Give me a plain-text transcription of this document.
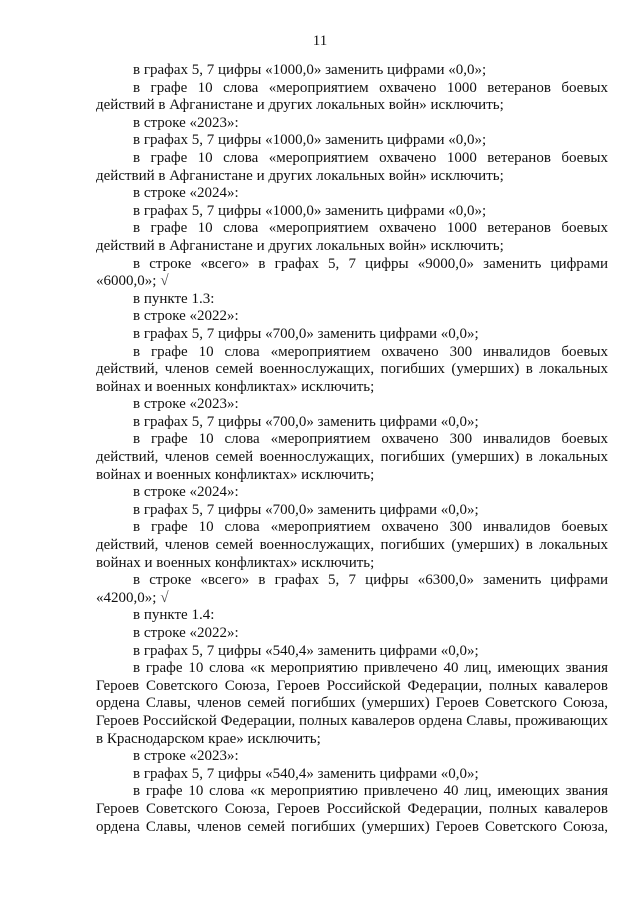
11
в графах 5, 7 цифры «1000,0» заменить цифрами «0,0»;
в графе 10 слова «мероприятием охвачено 1000 ветеранов боевых
действий в Афганистане и других локальных войн» исключить;
в строке «2023»:
в графах 5, 7 цифры «1000,0» заменить цифрами «0,0»;
в графе 10 слова «мероприятием охвачено 1000 ветеранов боевых
действий в Афганистане и других локальных войн» исключить;
в строке «2024»:
в графах 5, 7 цифры «1000,0» заменить цифрами «0,0»;
в графе 10 слова «мероприятием охвачено 1000 ветеранов боевых
действий в Афганистане и других локальных войн» исключить;
в строке «всего» в графах 5, 7 цифры «9000,0» заменить цифрами
«6000,0»; √
в пункте 1.3:
в строке «2022»:
в графах 5, 7 цифры «700,0» заменить цифрами «0,0»;
в графе 10 слова «мероприятием охвачено 300 инвалидов боевых
действий, членов семей военнослужащих, погибших (умерших) в локальных
войнах и военных конфликтах» исключить;
в строке «2023»:
в графах 5, 7 цифры «700,0» заменить цифрами «0,0»;
в графе 10 слова «мероприятием охвачено 300 инвалидов боевых
действий, членов семей военнослужащих, погибших (умерших) в локальных
войнах и военных конфликтах» исключить;
в строке «2024»:
в графах 5, 7 цифры «700,0» заменить цифрами «0,0»;
в графе 10 слова «мероприятием охвачено 300 инвалидов боевых
действий, членов семей военнослужащих, погибших (умерших) в локальных
войнах и военных конфликтах» исключить;
в строке «всего» в графах 5, 7 цифры «6300,0» заменить цифрами
«4200,0»; √
в пункте 1.4:
в строке «2022»:
в графах 5, 7 цифры «540,4» заменить цифрами «0,0»;
в графе 10 слова «к мероприятию привлечено 40 лиц, имеющих звания
Героев Советского Союза, Героев Российской Федерации, полных кавалеров
ордена Славы, членов семей погибших (умерших) Героев Советского Союза,
Героев Российской Федерации, полных кавалеров ордена Славы, проживающих
в Краснодарском крае» исключить;
в строке «2023»:
в графах 5, 7 цифры «540,4» заменить цифрами «0,0»;
в графе 10 слова «к мероприятию привлечено 40 лиц, имеющих звания
Героев Советского Союза, Героев Российской Федерации, полных кавалеров
ордена Славы, членов семей погибших (умерших) Героев Советского Союза,
